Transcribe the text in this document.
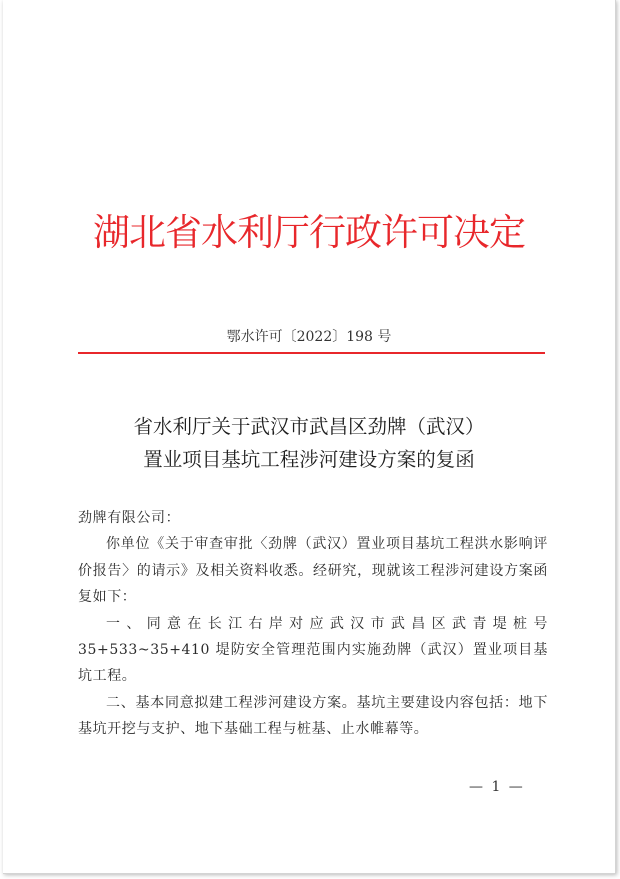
湖北省水利厅行政许可决定
鄂水许可〔2022〕198 号
省水利厅关于武汉市武昌区劲牌（武汉）
置业项目基坑工程涉河建设方案的复函

劲牌有限公司：

你单位《关于审查审批〈劲牌（武汉）置业项目基坑工程洪水影响评价报告〉的请示》及相关资料收悉。经研究，现就该工程涉河建设方案函复如下：

一、同意在长江右岸对应武汉市武昌区武青堤桩号35+533~35+410 堤防安全管理范围内实施劲牌（武汉）置业项目基坑工程。

二、基本同意拟建工程涉河建设方案。基坑主要建设内容包括：地下基坑开挖与支护、地下基础工程与桩基、止水帷幕等。

— 1 —
